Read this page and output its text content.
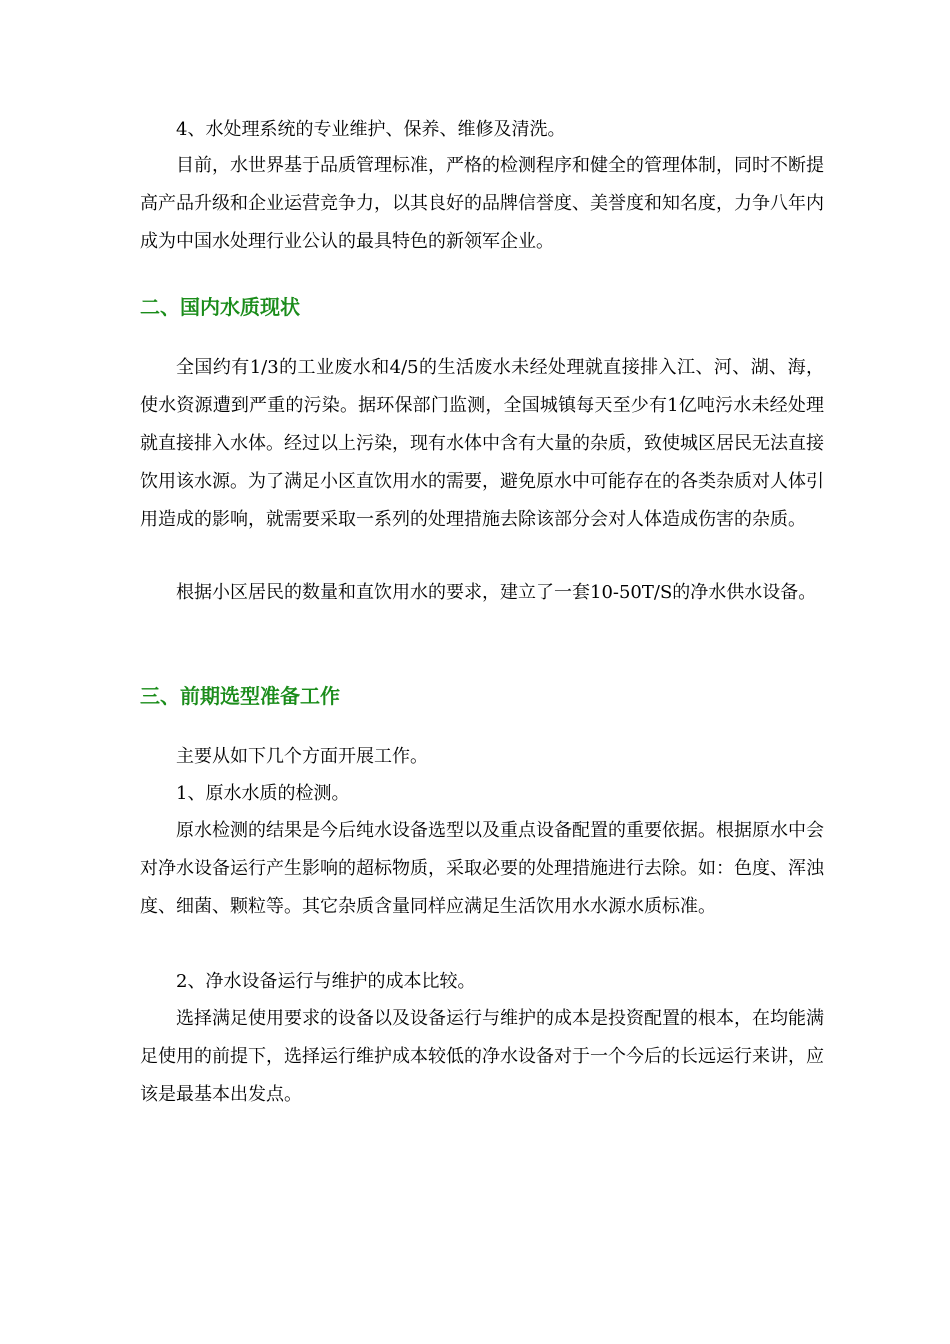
4、水处理系统的专业维护、保养、维修及清洗。

目前，水世界基于品质管理标准，严格的检测程序和健全的管理体制，同时不断提高产品升级和企业运营竞争力，以其良好的品牌信誉度、美誉度和知名度，力争八年内成为中国水处理行业公认的最具特色的新领军企业。

二、国内水质现状

全国约有1/3的工业废水和4/5的生活废水未经处理就直接排入江、河、湖、海，使水资源遭到严重的污染。据环保部门监测，全国城镇每天至少有1亿吨污水未经处理就直接排入水体。经过以上污染，现有水体中含有大量的杂质，致使城区居民无法直接饮用该水源。为了满足小区直饮用水的需要，避免原水中可能存在的各类杂质对人体引用造成的影响，就需要采取一系列的处理措施去除该部分会对人体造成伤害的杂质。

根据小区居民的数量和直饮用水的要求，建立了一套10-50T/S的净水供水设备。

三、前期选型准备工作

主要从如下几个方面开展工作。

1、原水水质的检测。

原水检测的结果是今后纯水设备选型以及重点设备配置的重要依据。根据原水中会对净水设备运行产生影响的超标物质，采取必要的处理措施进行去除。如：色度、浑浊度、细菌、颗粒等。其它杂质含量同样应满足生活饮用水水源水质标准。

2、净水设备运行与维护的成本比较。

选择满足使用要求的设备以及设备运行与维护的成本是投资配置的根本，在均能满足使用的前提下，选择运行维护成本较低的净水设备对于一个今后的长远运行来讲，应该是最基本出发点。
